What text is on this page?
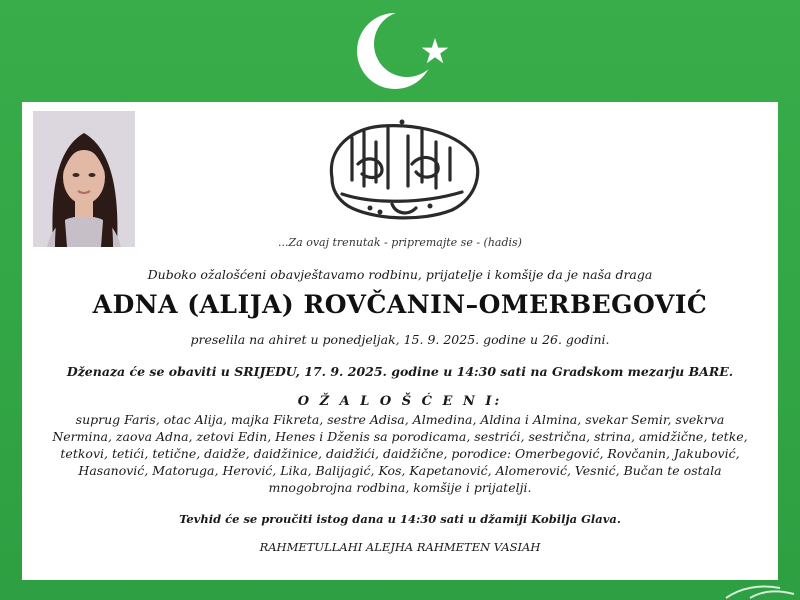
...Za ovaj trenutak - pripremajte se - (hadis)
Duboko ožalošćeni obavještavamo rodbinu, prijatelje i komšije da je naša draga
ADNA (ALIJA) ROVČANIN–OMERBEGOVIĆ
preselila na ahiret u ponedjeljak, 15. 9. 2025. godine u 26. godini.
Dženaza će se obaviti u SRIJEDU, 17. 9. 2025. godine u 14:30 sati na Gradskom mezarju BARE.
O Ž A L O Š Ć E N I:
suprug Faris, otac Alija, majka Fikreta, sestre Adisa, Almedina, Aldina i Almina, svekar Semir, svekrva Nermina, zaova Adna, zetovi Edin, Henes i Dženis sa porodicama, sestrići, sestrična, strina, amidžične, tetke, tetkovi, tetići, tetične, daidže, daidžinice, daidžići, daidžične, porodice: Omerbegović, Rovčanin, Jakubović, Hasanović, Matoruga, Herović, Lika, Balijagić, Kos, Kapetanović, Alomerović, Vesnić, Bučan te ostala mnogobrojna rodbina, komšije i prijatelji.
Tevhid će se proučiti istog dana u 14:30 sati u džamiji Kobilja Glava.
RAHMETULLAHI ALEJHA RAHMETEN VASIAH
